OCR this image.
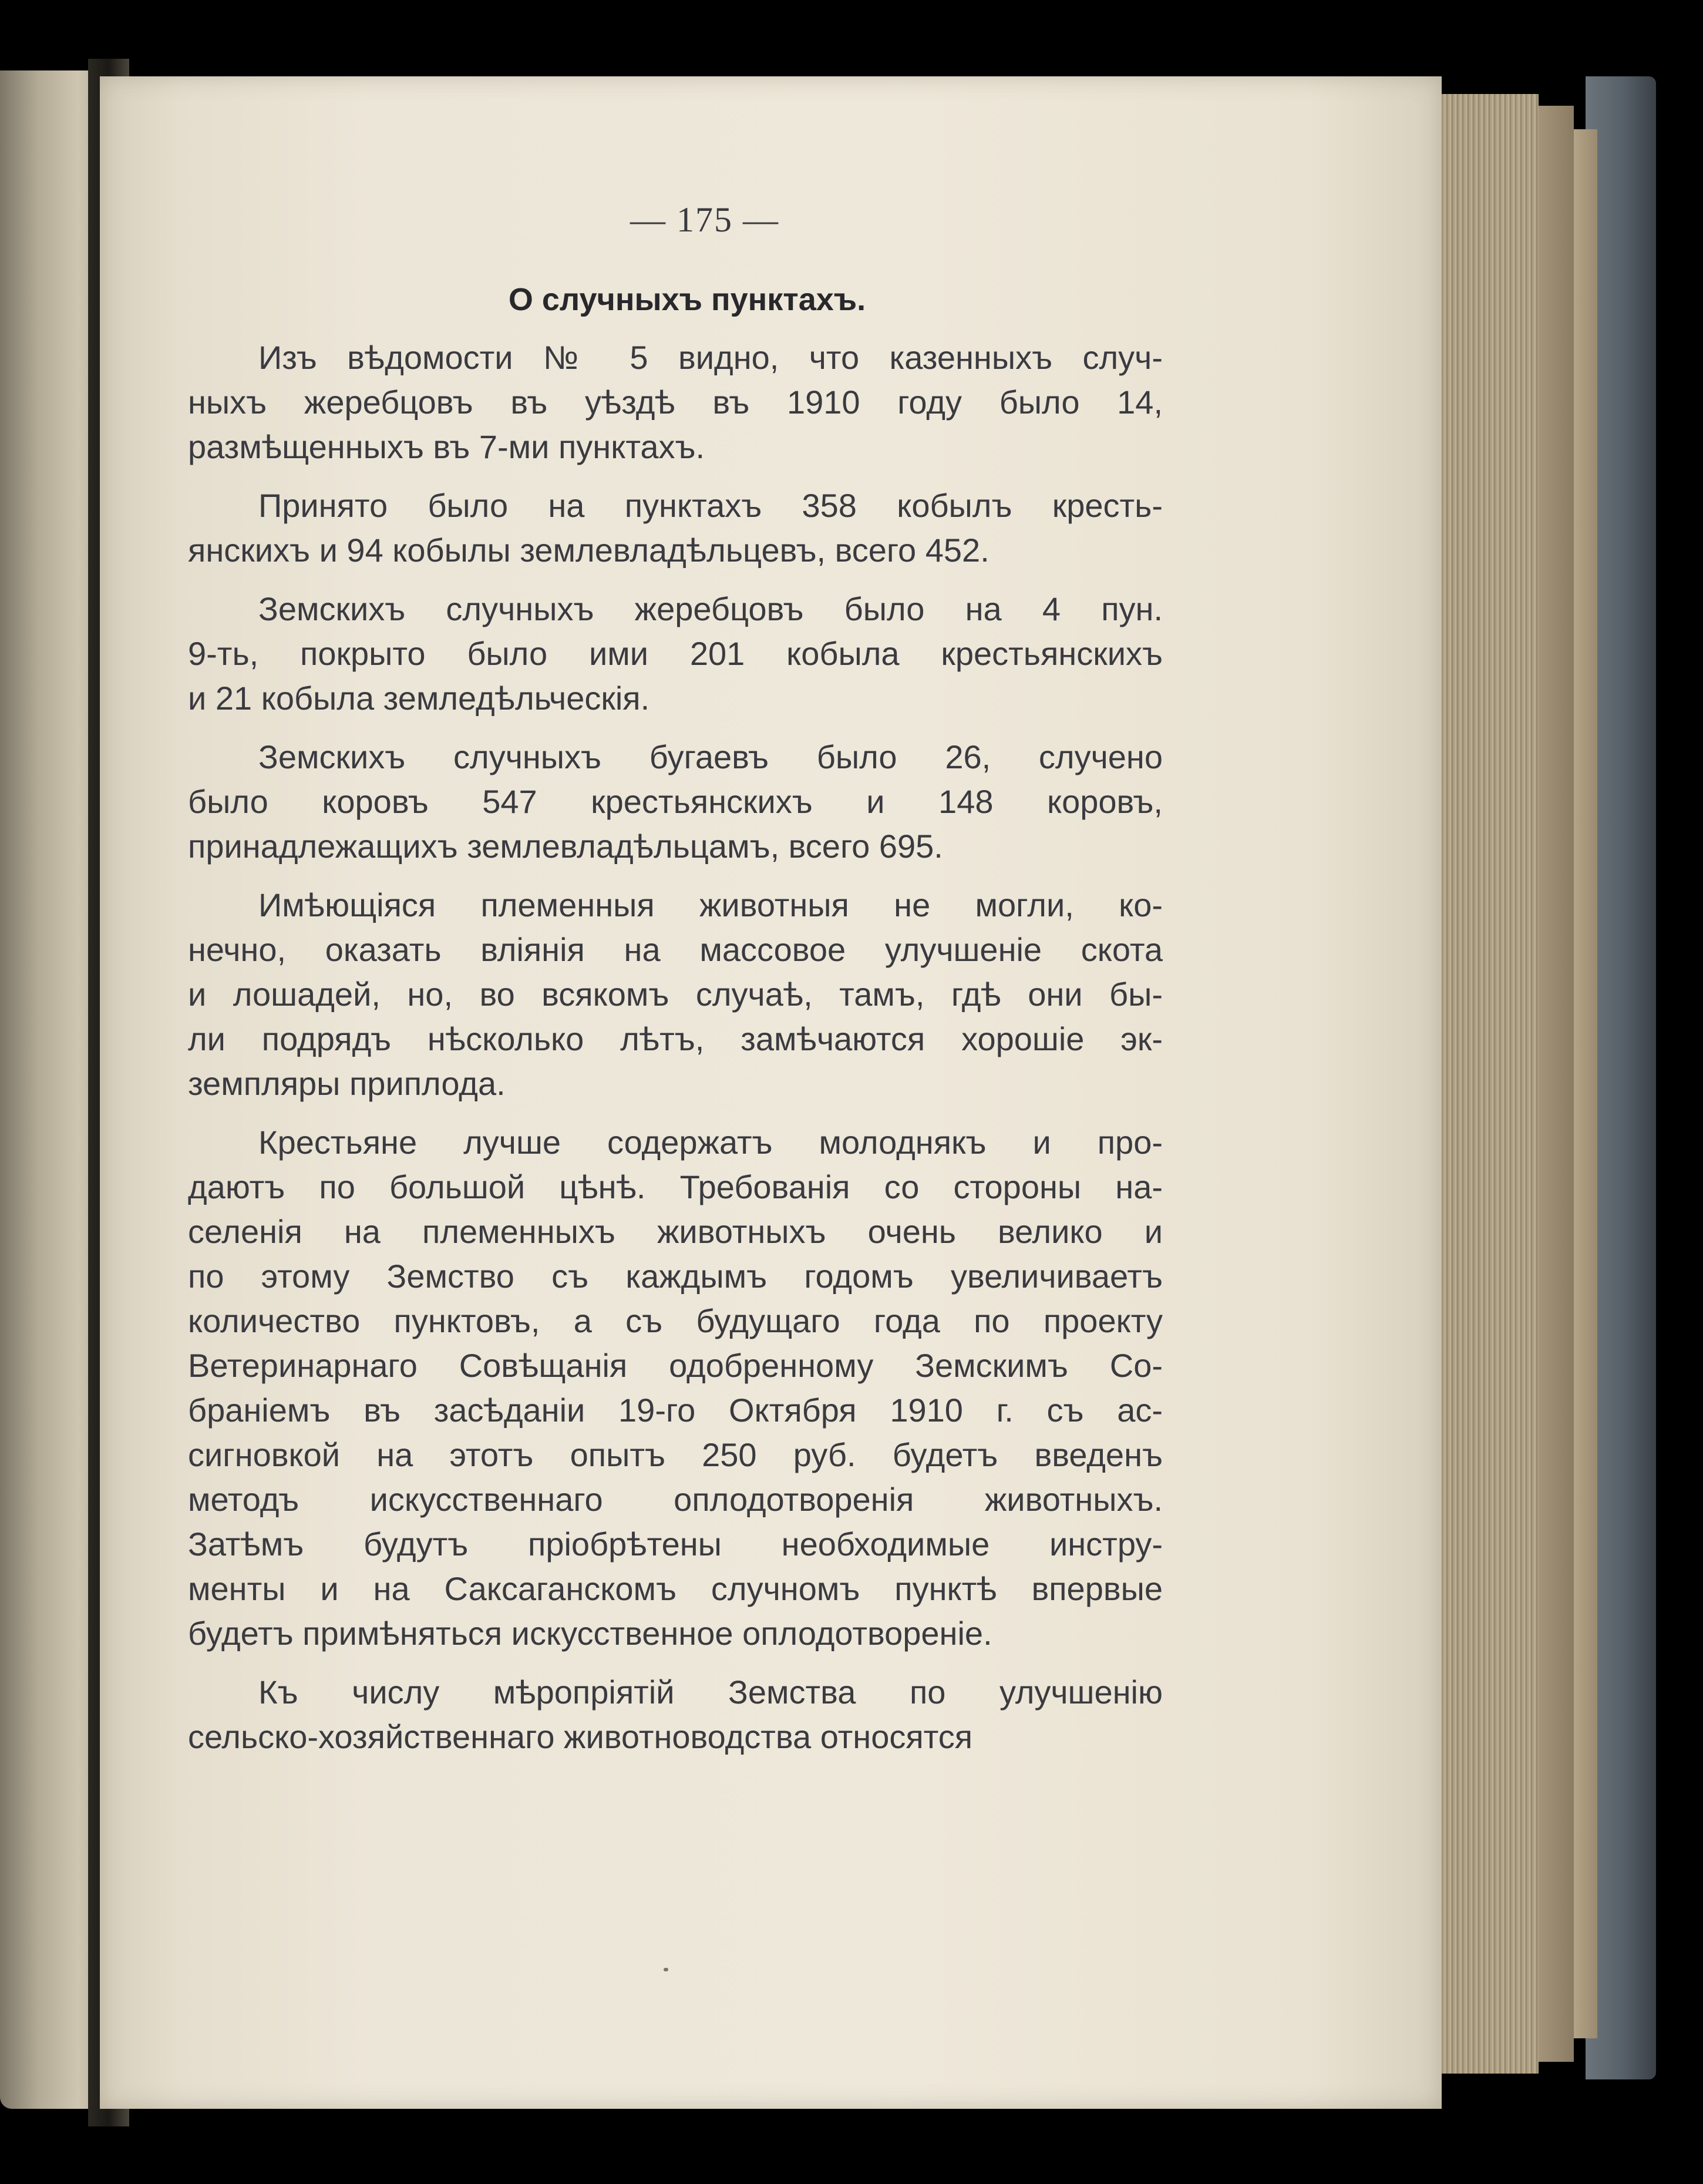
— 175 —
О случныхъ пунктахъ.
Изъ вѣдомости № 5 видно, что казенныхъ случ-
ныхъ жеребцовъ въ уѣздѣ въ 1910 году было 14,
размѣщенныхъ въ 7-ми пунктахъ.
Принято было на пунктахъ 358 кобылъ кресть-
янскихъ и 94 кобылы землевладѣльцевъ, всего 452.
Земскихъ случныхъ жеребцовъ было на 4 пун.
9-ть, покрыто было ими 201 кобыла крестьянскихъ
и 21 кобыла земледѣльческія.
Земскихъ случныхъ бугаевъ было 26, случено
было коровъ 547 крестьянскихъ и 148 коровъ,
принадлежащихъ землевладѣльцамъ, всего 695.
Имѣющіяся племенныя животныя не могли, ко-
нечно, оказать вліянія на массовое улучшеніе скота
и лошадей, но, во всякомъ случаѣ, тамъ, гдѣ они бы-
ли подрядъ нѣсколько лѣтъ, замѣчаются хорошіе эк-
земпляры приплода.
Крестьяне лучше содержатъ молоднякъ и про-
даютъ по большой цѣнѣ. Требованія со стороны на-
селенія на племенныхъ животныхъ очень велико и
по этому Земство съ каждымъ годомъ увеличиваетъ
количество пунктовъ, а съ будущаго года по проекту
Ветеринарнаго Совѣщанія одобренному Земскимъ Со-
браніемъ въ засѣданіи 19-го Октября 1910 г. съ ас-
сигновкой на этотъ опытъ 250 руб. будетъ введенъ
методъ искусственнаго оплодотворенія животныхъ.
Затѣмъ будутъ пріобрѣтены необходимые инстру-
менты и на Саксаганскомъ случномъ пунктѣ впервые
будетъ примѣняться искусственное оплодотвореніе.
Къ числу мѣропріятій Земства по улучшенію
сельско-хозяйственнаго животноводства относятся
